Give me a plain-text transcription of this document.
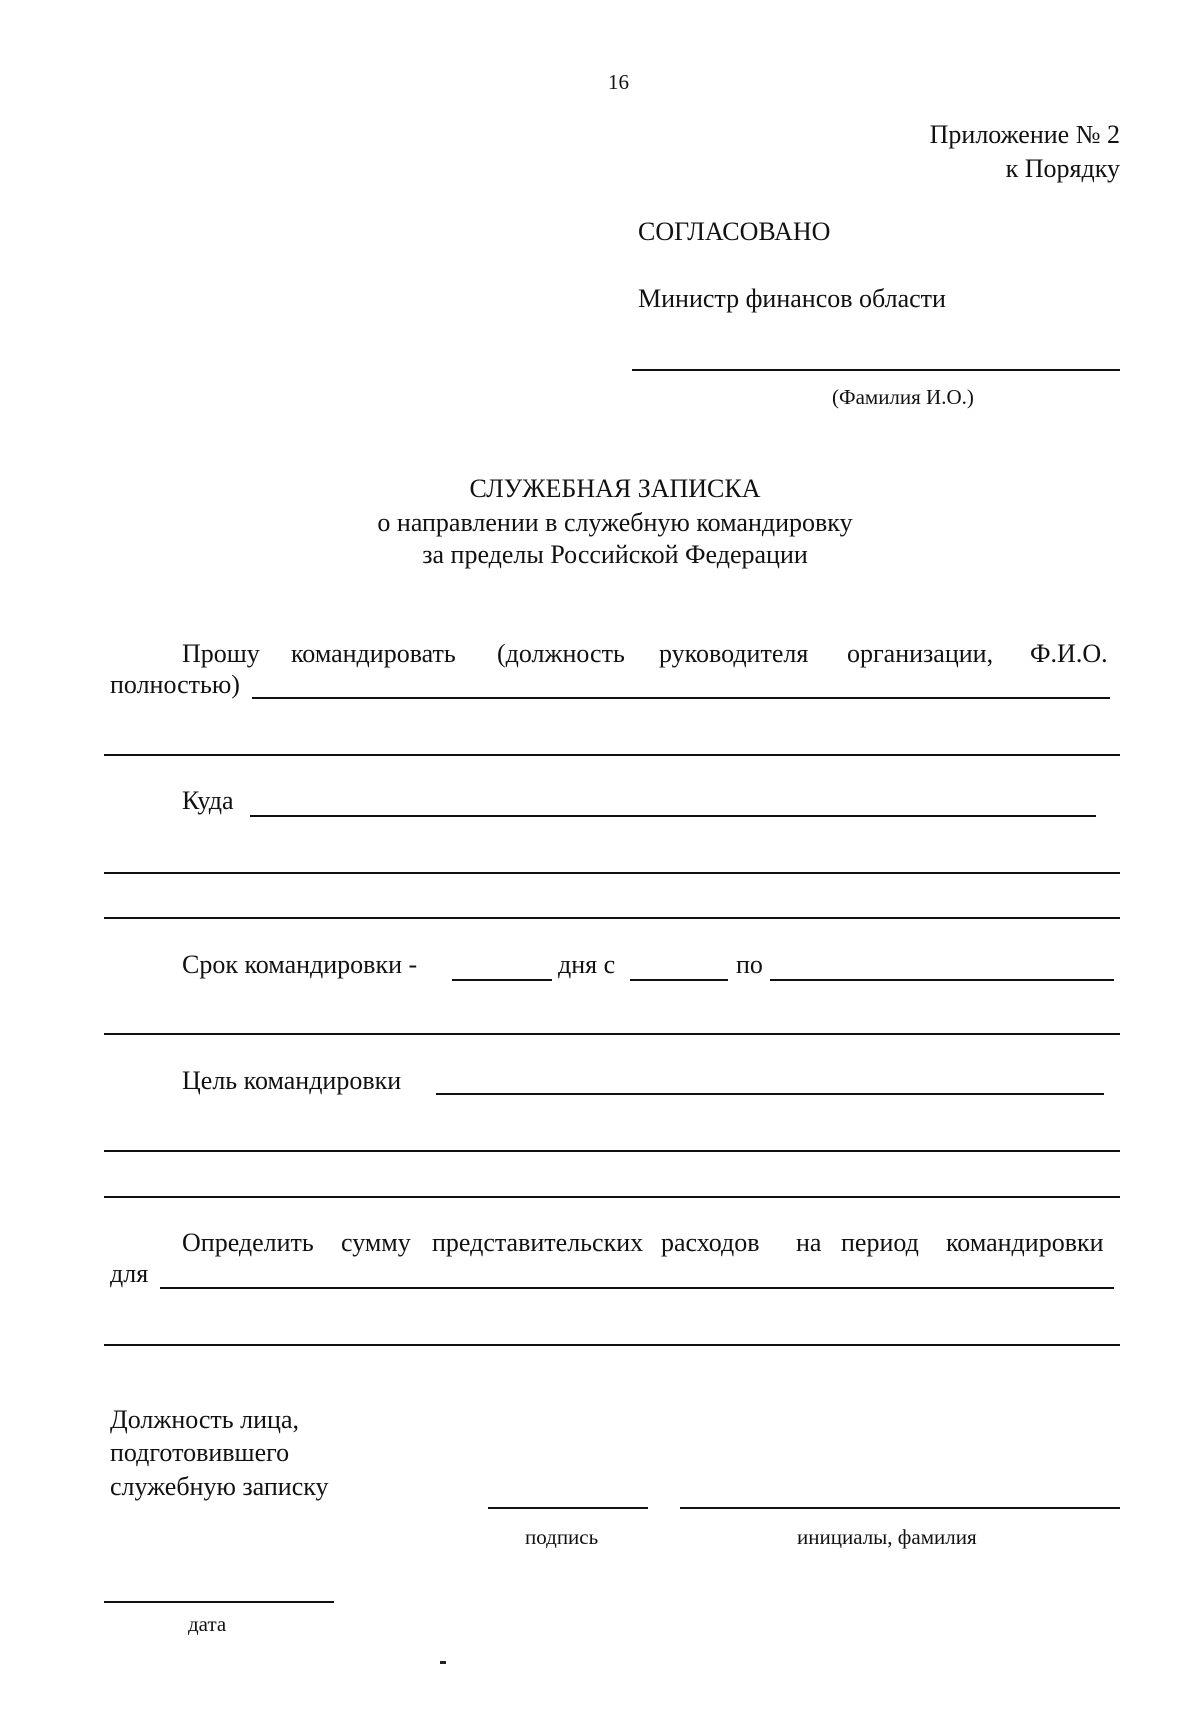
16
Приложение № 2
к Порядку
СОГЛАСОВАНО
Министр финансов области
(Фамилия И.О.)
СЛУЖЕБНАЯ ЗАПИСКА
о направлении в служебную командировку
за пределы Российской Федерации
Прошу командировать (должность руководителя организации, Ф.И.О.
полностью)
Куда
Срок командировки -	дня с	по
Цель командировки
Определить сумму представительских расходов на период командировки
для
Должность лица,
подготовившего
служебную записку
подпись	инициалы, фамилия
дата
